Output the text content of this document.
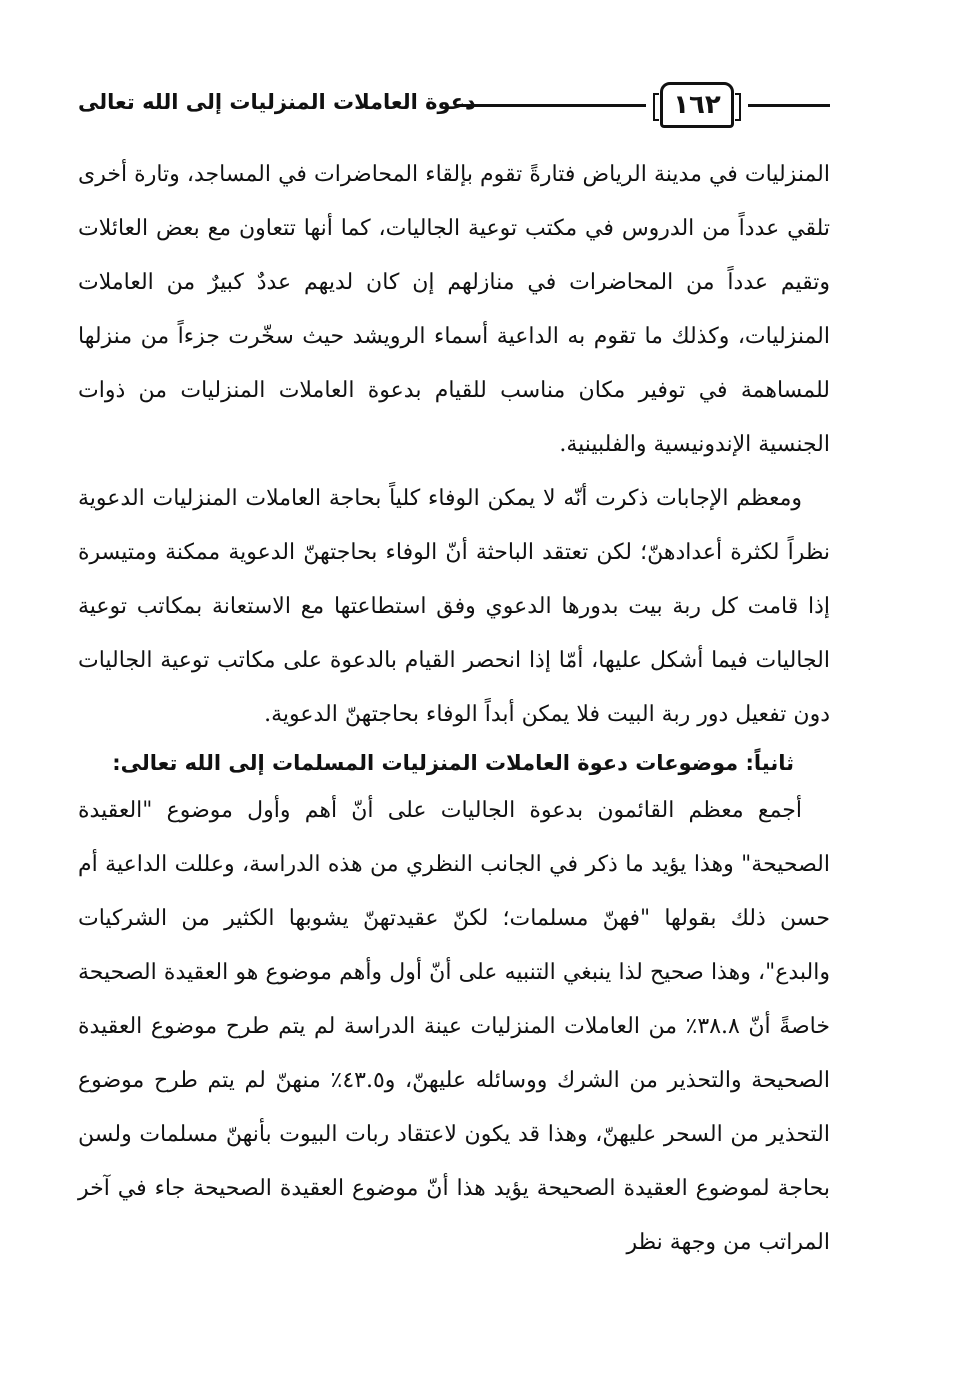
١٦٢
دعوة العاملات المنزليات إلى الله تعالى

المنزليات في مدينة الرياض فتارةً تقوم بإلقاء المحاضرات في المساجد، وتارة أخرى تلقي عدداً من الدروس في مكتب توعية الجاليات، كما أنها تتعاون مع بعض العائلات وتقيم عدداً من المحاضرات في منازلهم إن كان لديهم عددٌ كبيرٌ من العاملات المنزليات، وكذلك ما تقوم به الداعية أسماء الرويشد حيث سخّرت جزءاً من منزلها للمساهمة في توفير مكان مناسب للقيام بدعوة العاملات المنزليات من ذوات الجنسية الإندونيسية والفلبينية.

ومعظم الإجابات ذكرت أنّه لا يمكن الوفاء كلياً بحاجة العاملات المنزليات الدعوية نظراً لكثرة أعدادهنّ؛ لكن تعتقد الباحثة أنّ الوفاء بحاجتهنّ الدعوية ممكنة ومتيسرة إذا قامت كل ربة بيت بدورها الدعوي وفق استطاعتها مع الاستعانة بمكاتب توعية الجاليات فيما أشكل عليها، أمّا إذا انحصر القيام بالدعوة على مكاتب توعية الجاليات دون تفعيل دور ربة البيت فلا يمكن أبداً الوفاء بحاجتهنّ الدعوية.

ثانياً: موضوعات دعوة العاملات المنزليات المسلمات إلى الله تعالى:

أجمع معظم القائمون بدعوة الجاليات على أنّ أهم وأول موضوع "العقيدة الصحيحة" وهذا يؤيد ما ذكر في الجانب النظري من هذه الدراسة، وعللت الداعية أم حسن ذلك بقولها "فهنّ مسلمات؛ لكنّ عقيدتهنّ يشوبها الكثير من الشركيات والبدع"، وهذا صحيح لذا ينبغي التنبيه على أنّ أول وأهم موضوع هو العقيدة الصحيحة خاصةً أنّ ٣٨.٨٪ من العاملات المنزليات عينة الدراسة لم يتم طرح موضوع العقيدة الصحيحة والتحذير من الشرك ووسائله عليهنّ، و٤٣.٥٪ منهنّ لم يتم طرح موضوع التحذير من السحر عليهنّ، وهذا قد يكون لاعتقاد ربات البيوت بأنهنّ مسلمات ولسن بحاجة لموضوع العقيدة الصحيحة يؤيد هذا أنّ موضوع العقيدة الصحيحة جاء في آخر المراتب من وجهة نظر
